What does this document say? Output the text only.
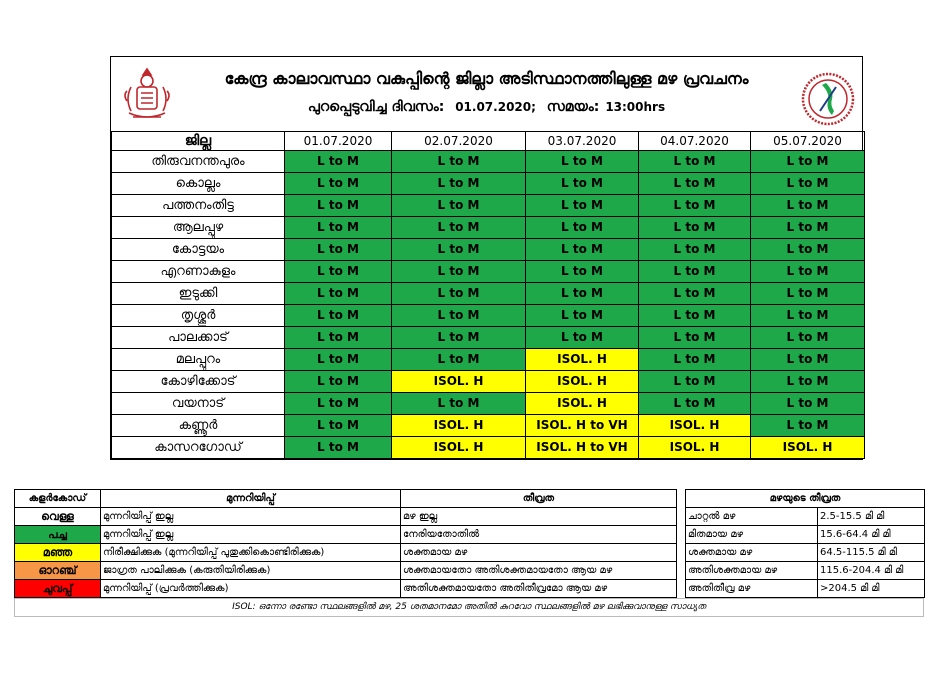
കേന്ദ്ര കാലാവസ്ഥാ വകുപ്പിന്റെ ജില്ലാ അടിസ്ഥാനത്തിലുള്ള മഴ പ്രവചനം
പുറപ്പെടുവിച്ച ദിവസം: 01.07.2020; സമയം: 13:00hrs
ജില്ല	01.07.2020	02.07.2020	03.07.2020	04.07.2020	05.07.2020
തിരുവനന്തപുരം	L to M	L to M	L to M	L to M	L to M
കൊല്ലം	L to M	L to M	L to M	L to M	L to M
പത്തനംതിട്ട	L to M	L to M	L to M	L to M	L to M
ആലപ്പുഴ	L to M	L to M	L to M	L to M	L to M
കോട്ടയം	L to M	L to M	L to M	L to M	L to M
എറണാകുളം	L to M	L to M	L to M	L to M	L to M
ഇടുക്കി	L to M	L to M	L to M	L to M	L to M
തൃശ്ശൂർ	L to M	L to M	L to M	L to M	L to M
പാലക്കാട്	L to M	L to M	L to M	L to M	L to M
മലപ്പുറം	L to M	L to M	ISOL. H	L to M	L to M
കോഴിക്കോട്	L to M	ISOL. H	ISOL. H	L to M	L to M
വയനാട്	L to M	L to M	ISOL. H	L to M	L to M
കണ്ണൂർ	L to M	ISOL. H	ISOL. H to VH	ISOL. H	L to M
കാസറഗോഡ്	L to M	ISOL. H	ISOL. H to VH	ISOL. H	ISOL. H
കളർകോഡ്	മുന്നറിയിപ്പ്	തീവ്രത
വെള്ള	മുന്നറിയിപ്പ് ഇല്ല	മഴ ഇല്ല
പച്ച	മുന്നറിയിപ്പ് ഇല്ല	നേരിയതോതിൽ
മഞ്ഞ	നിരീക്ഷിക്കുക (മുന്നറിയിപ്പ് പുതുക്കികൊണ്ടിരിക്കുക)	ശക്തമായ മഴ
ഓറഞ്ച്	ജാഗ്രത പാലിക്കുക (കരുതിയിരിക്കുക)	ശക്തമായതോ അതിശക്തമായതോ ആയ മഴ
ചുവപ്പ്	മുന്നറിയിപ്പ് (പ്രവർത്തിക്കുക)	അതിശക്തമായതോ അതിതീവ്രമോ ആയ മഴ
മഴയുടെ തീവ്രത	
ചാറ്റൽ മഴ	2.5-15.5 മി മി
മിതമായ മഴ	15.6-64.4 മി മി
ശക്തമായ മഴ	64.5-115.5 മി മി
അതിശക്തമായ മഴ	115.6-204.4 മി മി
അതിതീവ്ര മഴ	>204.5 മി മി
ISOL: ഒന്നോ രണ്ടോ സ്ഥലങ്ങളിൽ മഴ, 25 ശതമാനമോ അതിൽ കുറവോ സ്ഥലങ്ങളിൽ മഴ ലഭിക്കുവാനുള്ള സാധ്യത
